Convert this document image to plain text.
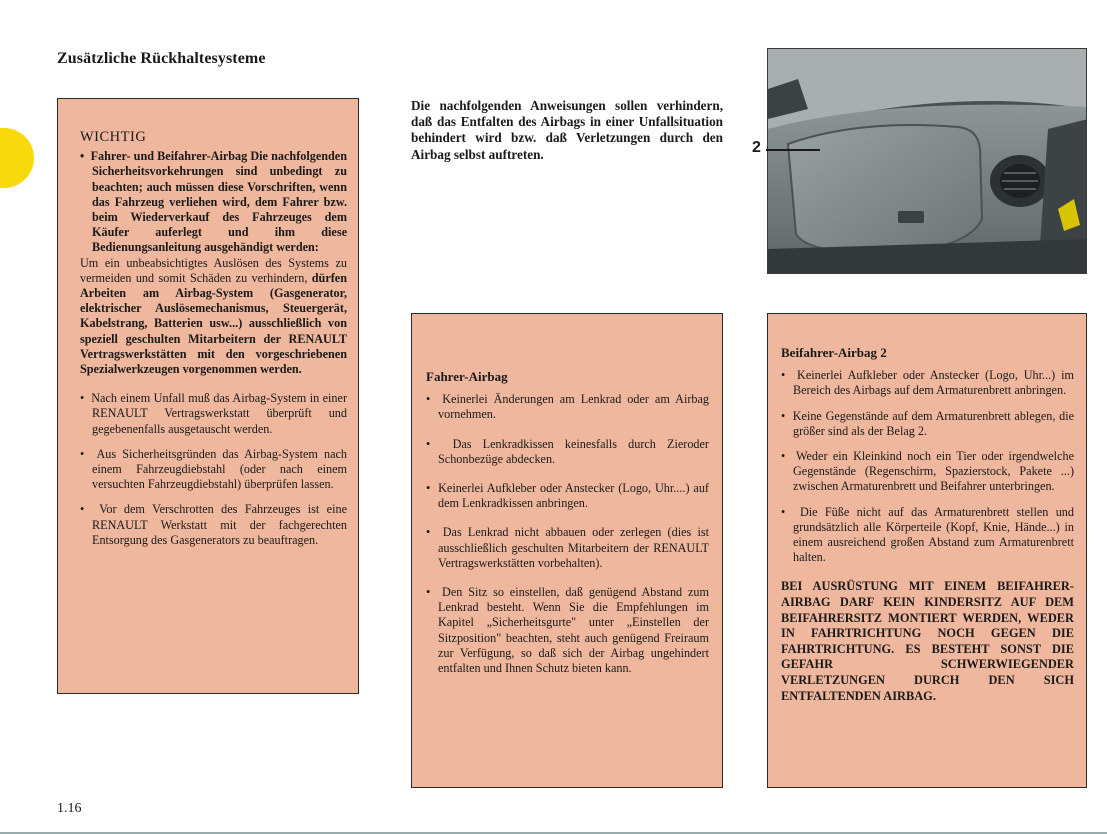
Zusätzliche Rückhaltesysteme

WICHTIG

•  Fahrer- und Beifahrer-Airbag Die nachfolgenden Sicherheitsvorkehrungen sind unbedingt zu beachten; auch müssen diese Vorschriften, wenn das Fahrzeug verliehen wird, dem Fahrer bzw. beim Wiederverkauf des Fahrzeuges dem Käufer auferlegt und ihm diese Bedienungsanleitung ausgehändigt werden:

Um ein unbeabsichtigtes Auslösen des Systems zu vermeiden und somit Schäden zu verhindern, dürfen Arbeiten am Airbag-System (Gasgenerator, elektrischer Auslösemechanismus, Steuergerät, Kabelstrang, Batterien usw...) ausschließlich von speziell geschulten Mitarbeitern der RENAULT Vertragswerkstätten mit den vorgeschriebenen Spezialwerkzeugen vorgenommen werden.

•  Nach einem Unfall muß das Airbag-System in einer RENAULT Vertragswerkstatt überprüft und gegebenenfalls ausgetauscht werden.

•  Aus Sicherheitsgründen das Airbag-System nach einem Fahrzeugdiebstahl (oder nach einem versuchten Fahrzeugdiebstahl) überprüfen lassen.

•  Vor dem Verschrotten des Fahrzeuges ist eine RENAULT Werkstatt mit der fachgerechten Entsorgung des Gasgenerators zu beauftragen.

Die nachfolgenden Anweisungen sollen verhindern, daß das Entfalten des Airbags in einer Unfallsituation behindert wird bzw. daß Verletzungen durch den Airbag selbst auftreten.

Fahrer-Airbag

•  Keinerlei Änderungen am Lenkrad oder am Airbag vornehmen.

•  Das Lenkradkissen keinesfalls durch Zieroder Schonbezüge abdecken.

•  Keinerlei Aufkleber oder Anstecker (Logo, Uhr....) auf dem Lenkradkissen anbringen.

•  Das Lenkrad nicht abbauen oder zerlegen (dies ist ausschließlich geschulten Mitarbeitern der RENAULT Vertragswerkstätten vorbehalten).

•  Den Sitz so einstellen, daß genügend Abstand zum Lenkrad besteht. Wenn Sie die Empfehlungen im Kapitel „Sicherheitsgurte" unter „Einstellen der Sitzposition" beachten, steht auch genügend Freiraum zur Verfügung, so daß sich der Airbag ungehindert entfalten und Ihnen Schutz bieten kann.

2

Beifahrer-Airbag 2

•  Keinerlei Aufkleber oder Anstecker (Logo, Uhr...) im Bereich des Airbags auf dem Armaturenbrett anbringen.

•  Keine Gegenstände auf dem Armaturenbrett ablegen, die größer sind als der Belag 2.

•  Weder ein Kleinkind noch ein Tier oder irgendwelche Gegenstände (Regenschirm, Spazierstock, Pakete ...) zwischen Armaturenbrett und Beifahrer unterbringen.

•  Die Füße nicht auf das Armaturenbrett stellen und grundsätzlich alle Körperteile (Kopf, Knie, Hände...) in einem ausreichend großen Abstand zum Armaturenbrett halten.

BEI AUSRÜSTUNG MIT EINEM BEIFAHRER-AIRBAG DARF KEIN KINDERSITZ AUF DEM BEIFAHRERSITZ MONTIERT WERDEN, WEDER IN FAHRTRICHTUNG NOCH GEGEN DIE FAHRTRICHTUNG. ES BESTEHT SONST DIE GEFAHR SCHWERWIEGENDER VERLETZUNGEN DURCH DEN SICH ENTFALTENDEN AIRBAG.

1.16
